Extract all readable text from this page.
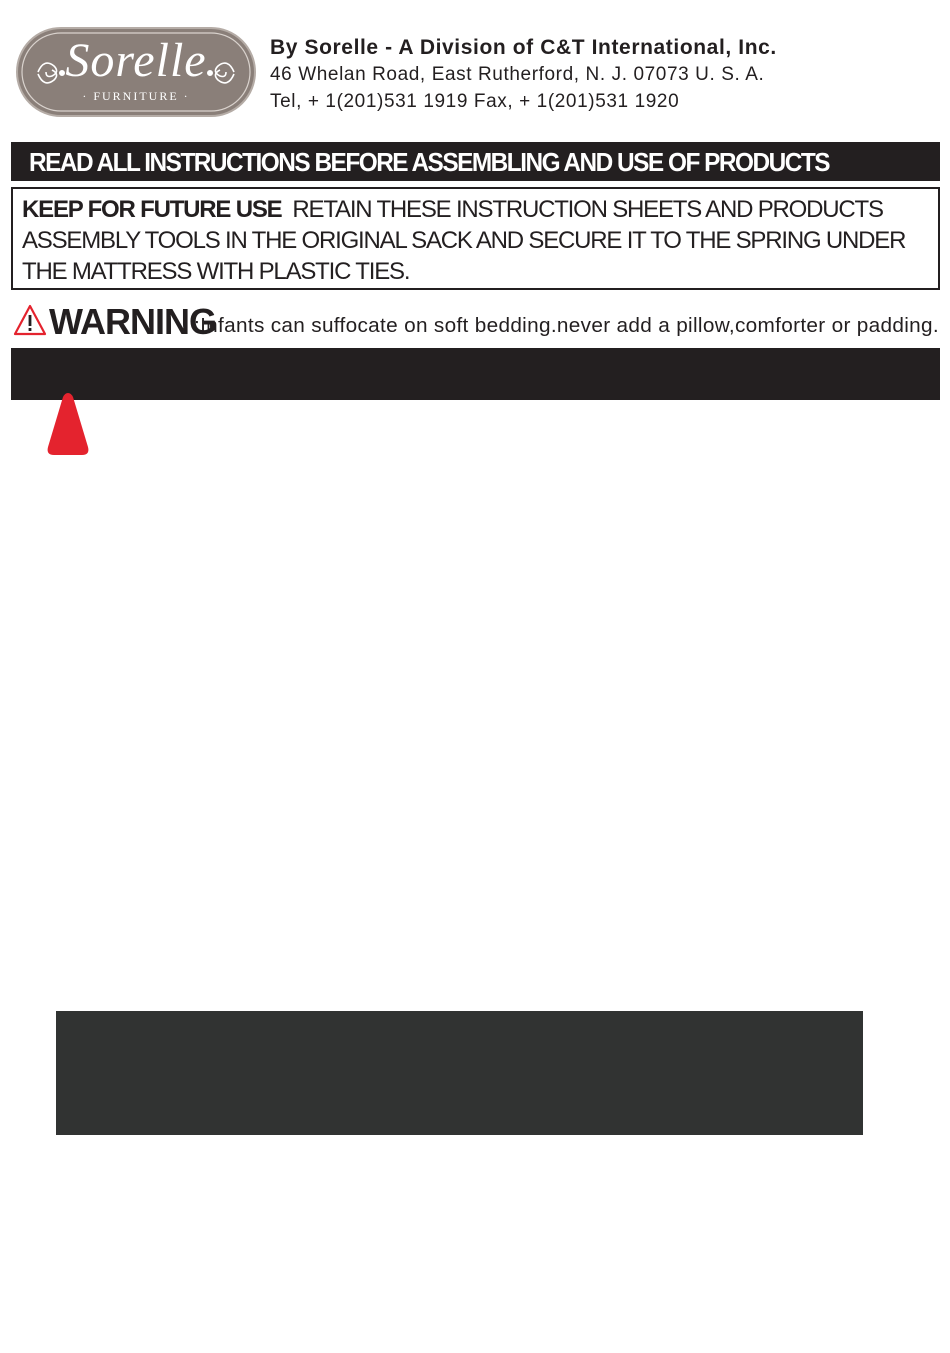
Sorelle
· FURNITURE ·
By Sorelle - A Division of C&T International, Inc. 46 Whelan Road, East Rutherford, N. J. 07073 U. S. A. Tel, + 1(201)531 1919 Fax, + 1(201)531 1920
READ ALL INSTRUCTIONS BEFORE ASSEMBLING AND USE OF PRODUCTS
KEEP FOR FUTURE USE RETAIN THESE INSTRUCTION SHEETS AND PRODUCTS ASSEMBLY TOOLS IN THE ORIGINAL SACK AND SECURE IT TO THE SPRING UNDER THE MATTRESS WITH PLASTIC TIES.
WARNING
:Infants can suffocate on soft bedding.never add a pillow,comforter or padding.
